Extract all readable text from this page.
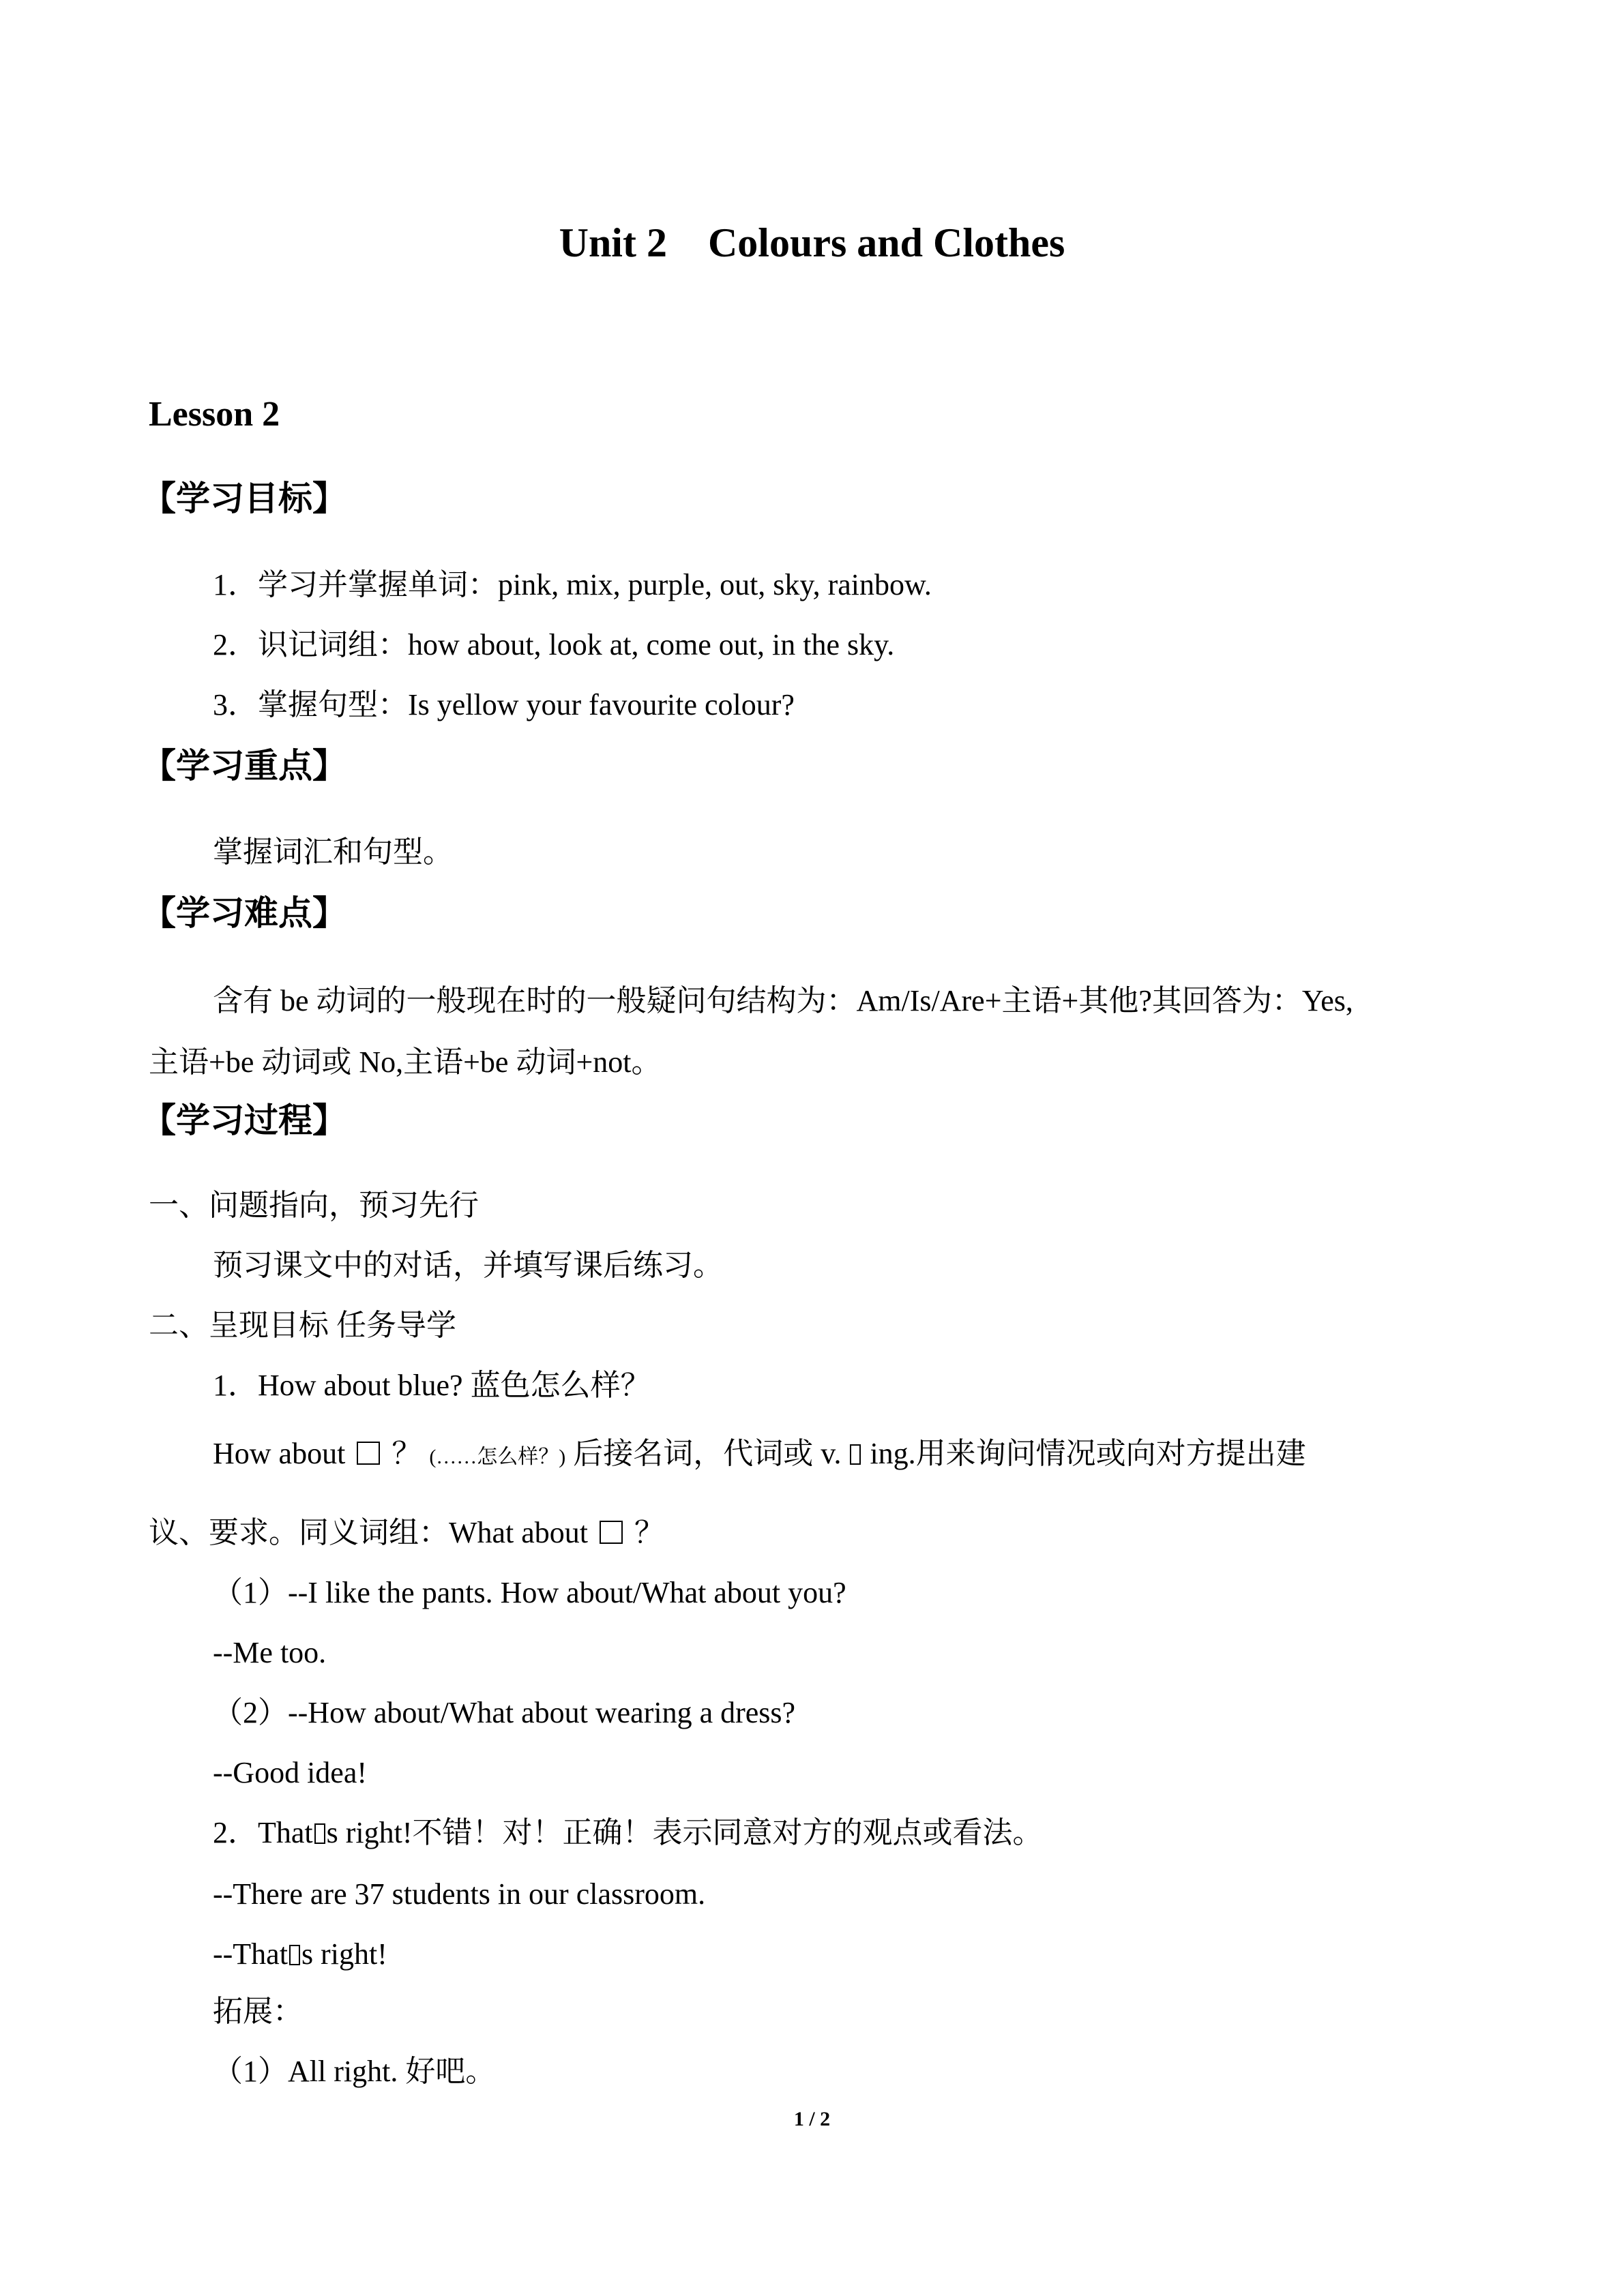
Unit 2    Colours and Clothes
Lesson 2
【学习目标】
1．学习并掌握单词：pink, mix, purple, out, sky, rainbow.
2．识记词组：how about, look at, come out, in the sky.
3．掌握句型：Is yellow your favourite colour?
【学习重点】
掌握词汇和句型。
【学习难点】
含有 be 动词的一般现在时的一般疑问句结构为：Am/Is/Are+主语+其他?其回答为：Yes,
主语+be 动词或 No,主语+be 动词+not。
【学习过程】
一、问题指向，预习先行
预习课文中的对话，并填写课后练习。
二、呈现目标 任务导学
1．How about blue? 蓝色怎么样？
How about ？ (……怎么样？) 后接名词，代词或 v. ing.用来询问情况或向对方提出建
议、要求。同义词组：What about ？
（1）--I like the pants. How about/What about you?
--Me too.
（2）--How about/What about wearing a dress?
--Good idea!
2．That s right!不错！对！正确！表示同意对方的观点或看法。
--There are 37 students in our classroom.
--That s right!
拓展：
（1）All right. 好吧。
1 / 2
